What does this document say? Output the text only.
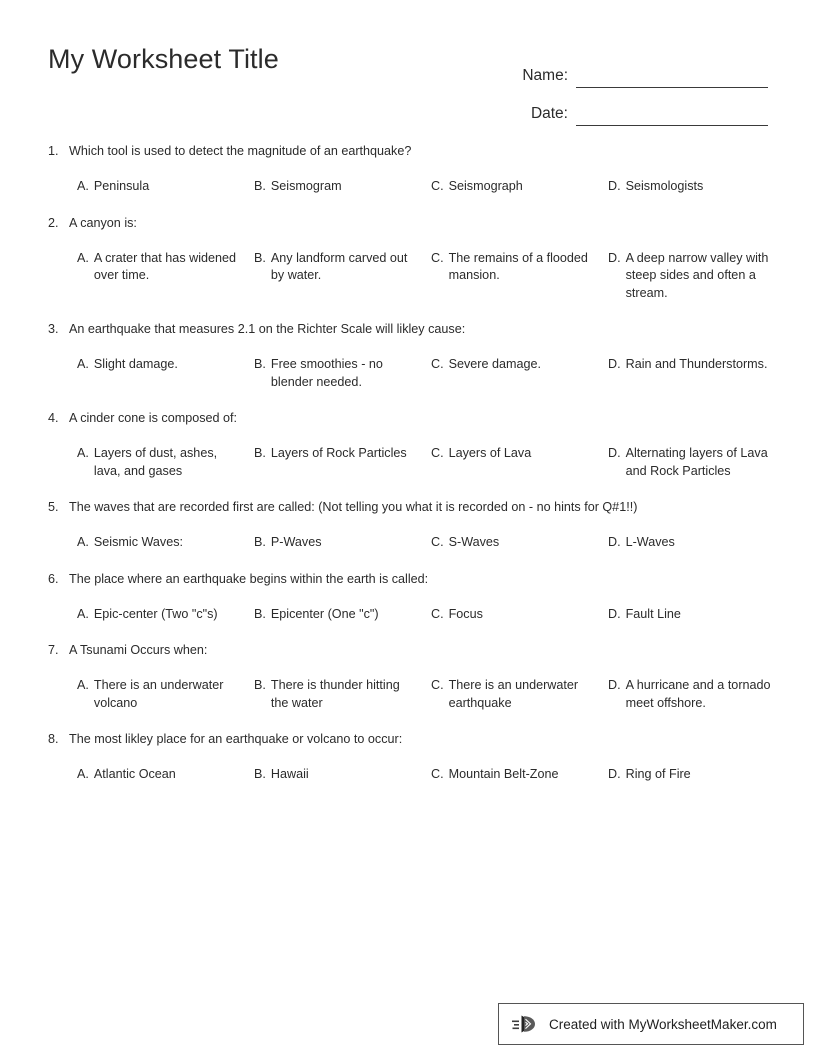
My Worksheet Title
Name:
Date:
1. Which tool is used to detect the magnitude of an earthquake?
A. Peninsula	B. Seismogram	C. Seismograph	D. Seismologists
2. A canyon is:
A. A crater that has widened over time.
B. Any landform carved out by water.
C. The remains of a flooded mansion.
D. A deep narrow valley with steep sides and often a stream.
3. An earthquake that measures 2.1 on the Richter Scale will likley cause:
A. Slight damage.	B. Free smoothies - no blender needed.
C. Severe damage.	D. Rain and Thunderstorms.
4. A cinder cone is composed of:
A. Layers of dust, ashes, lava, and gases
B. Layers of Rock Particles	C. Layers of Lava	D. Alternating layers of Lava and Rock Particles
5. The waves that are recorded first are called: (Not telling you what it is recorded on - no hints for Q#1!!)
A. Seismic Waves:	B. P-Waves	C. S-Waves	D. L-Waves
6. The place where an earthquake begins within the earth is called:
A. Epic-center (Two "c"s)	B. Epicenter (One "c")	C. Focus	D. Fault Line
7. A Tsunami Occurs when:
A. There is an underwater volcano
B. There is thunder hitting the water
C. There is an underwater earthquake
D. A hurricane and a tornado meet offshore.
8. The most likley place for an earthquake or volcano to occur:
A. Atlantic Ocean	B. Hawaii	C. Mountain Belt-Zone	D. Ring of Fire
Created with MyWorksheetMaker.com
